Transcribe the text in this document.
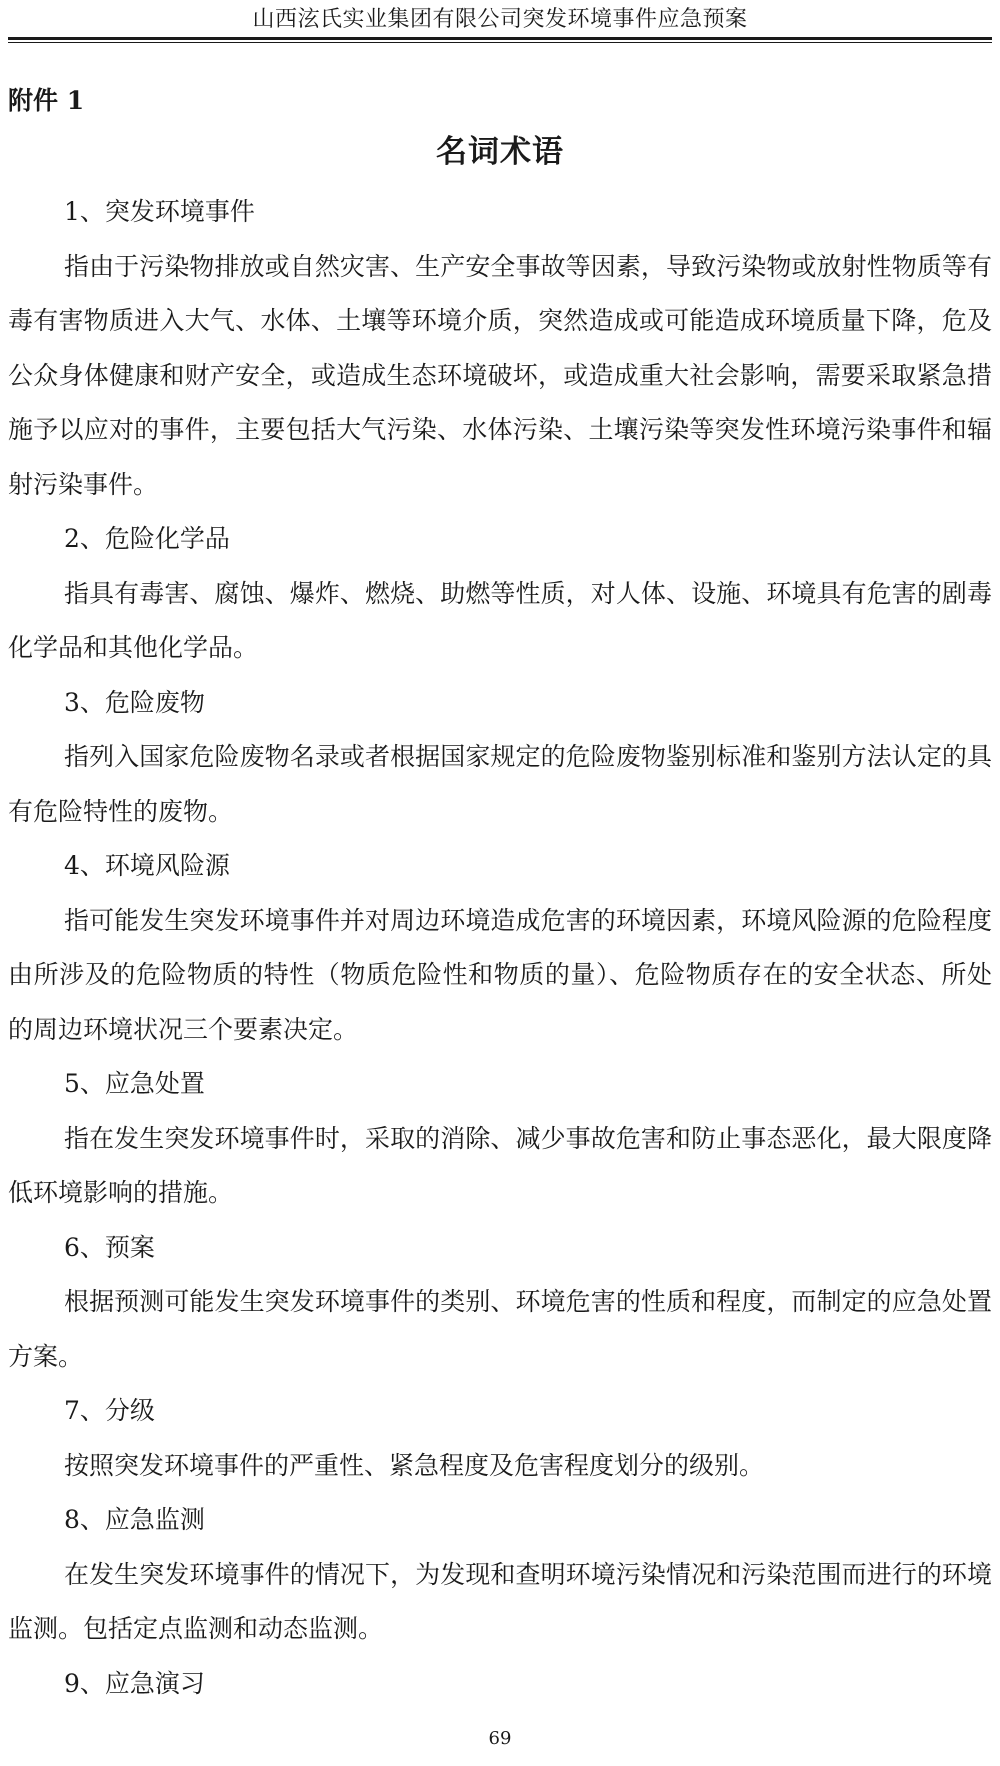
山西泫氏实业集团有限公司突发环境事件应急预案
附件 1
名词术语

1、突发环境事件

指由于污染物排放或自然灾害、生产安全事故等因素，导致污染物或放射性物质等有毒有害物质进入大气、水体、土壤等环境介质，突然造成或可能造成环境质量下降，危及公众身体健康和财产安全，或造成生态环境破坏，或造成重大社会影响，需要采取紧急措施予以应对的事件，主要包括大气污染、水体污染、土壤污染等突发性环境污染事件和辐射污染事件。

2、危险化学品

指具有毒害、腐蚀、爆炸、燃烧、助燃等性质，对人体、设施、环境具有危害的剧毒化学品和其他化学品。

3、危险废物

指列入国家危险废物名录或者根据国家规定的危险废物鉴别标准和鉴别方法认定的具有危险特性的废物。

4、环境风险源

指可能发生突发环境事件并对周边环境造成危害的环境因素，环境风险源的危险程度由所涉及的危险物质的特性（物质危险性和物质的量）、危险物质存在的安全状态、所处的周边环境状况三个要素决定。

5、应急处置

指在发生突发环境事件时，采取的消除、减少事故危害和防止事态恶化，最大限度降低环境影响的措施。

6、预案

根据预测可能发生突发环境事件的类别、环境危害的性质和程度，而制定的应急处置方案。

7、分级

按照突发环境事件的严重性、紧急程度及危害程度划分的级别。

8、应急监测

在发生突发环境事件的情况下，为发现和查明环境污染情况和污染范围而进行的环境监测。包括定点监测和动态监测。

9、应急演习

69
